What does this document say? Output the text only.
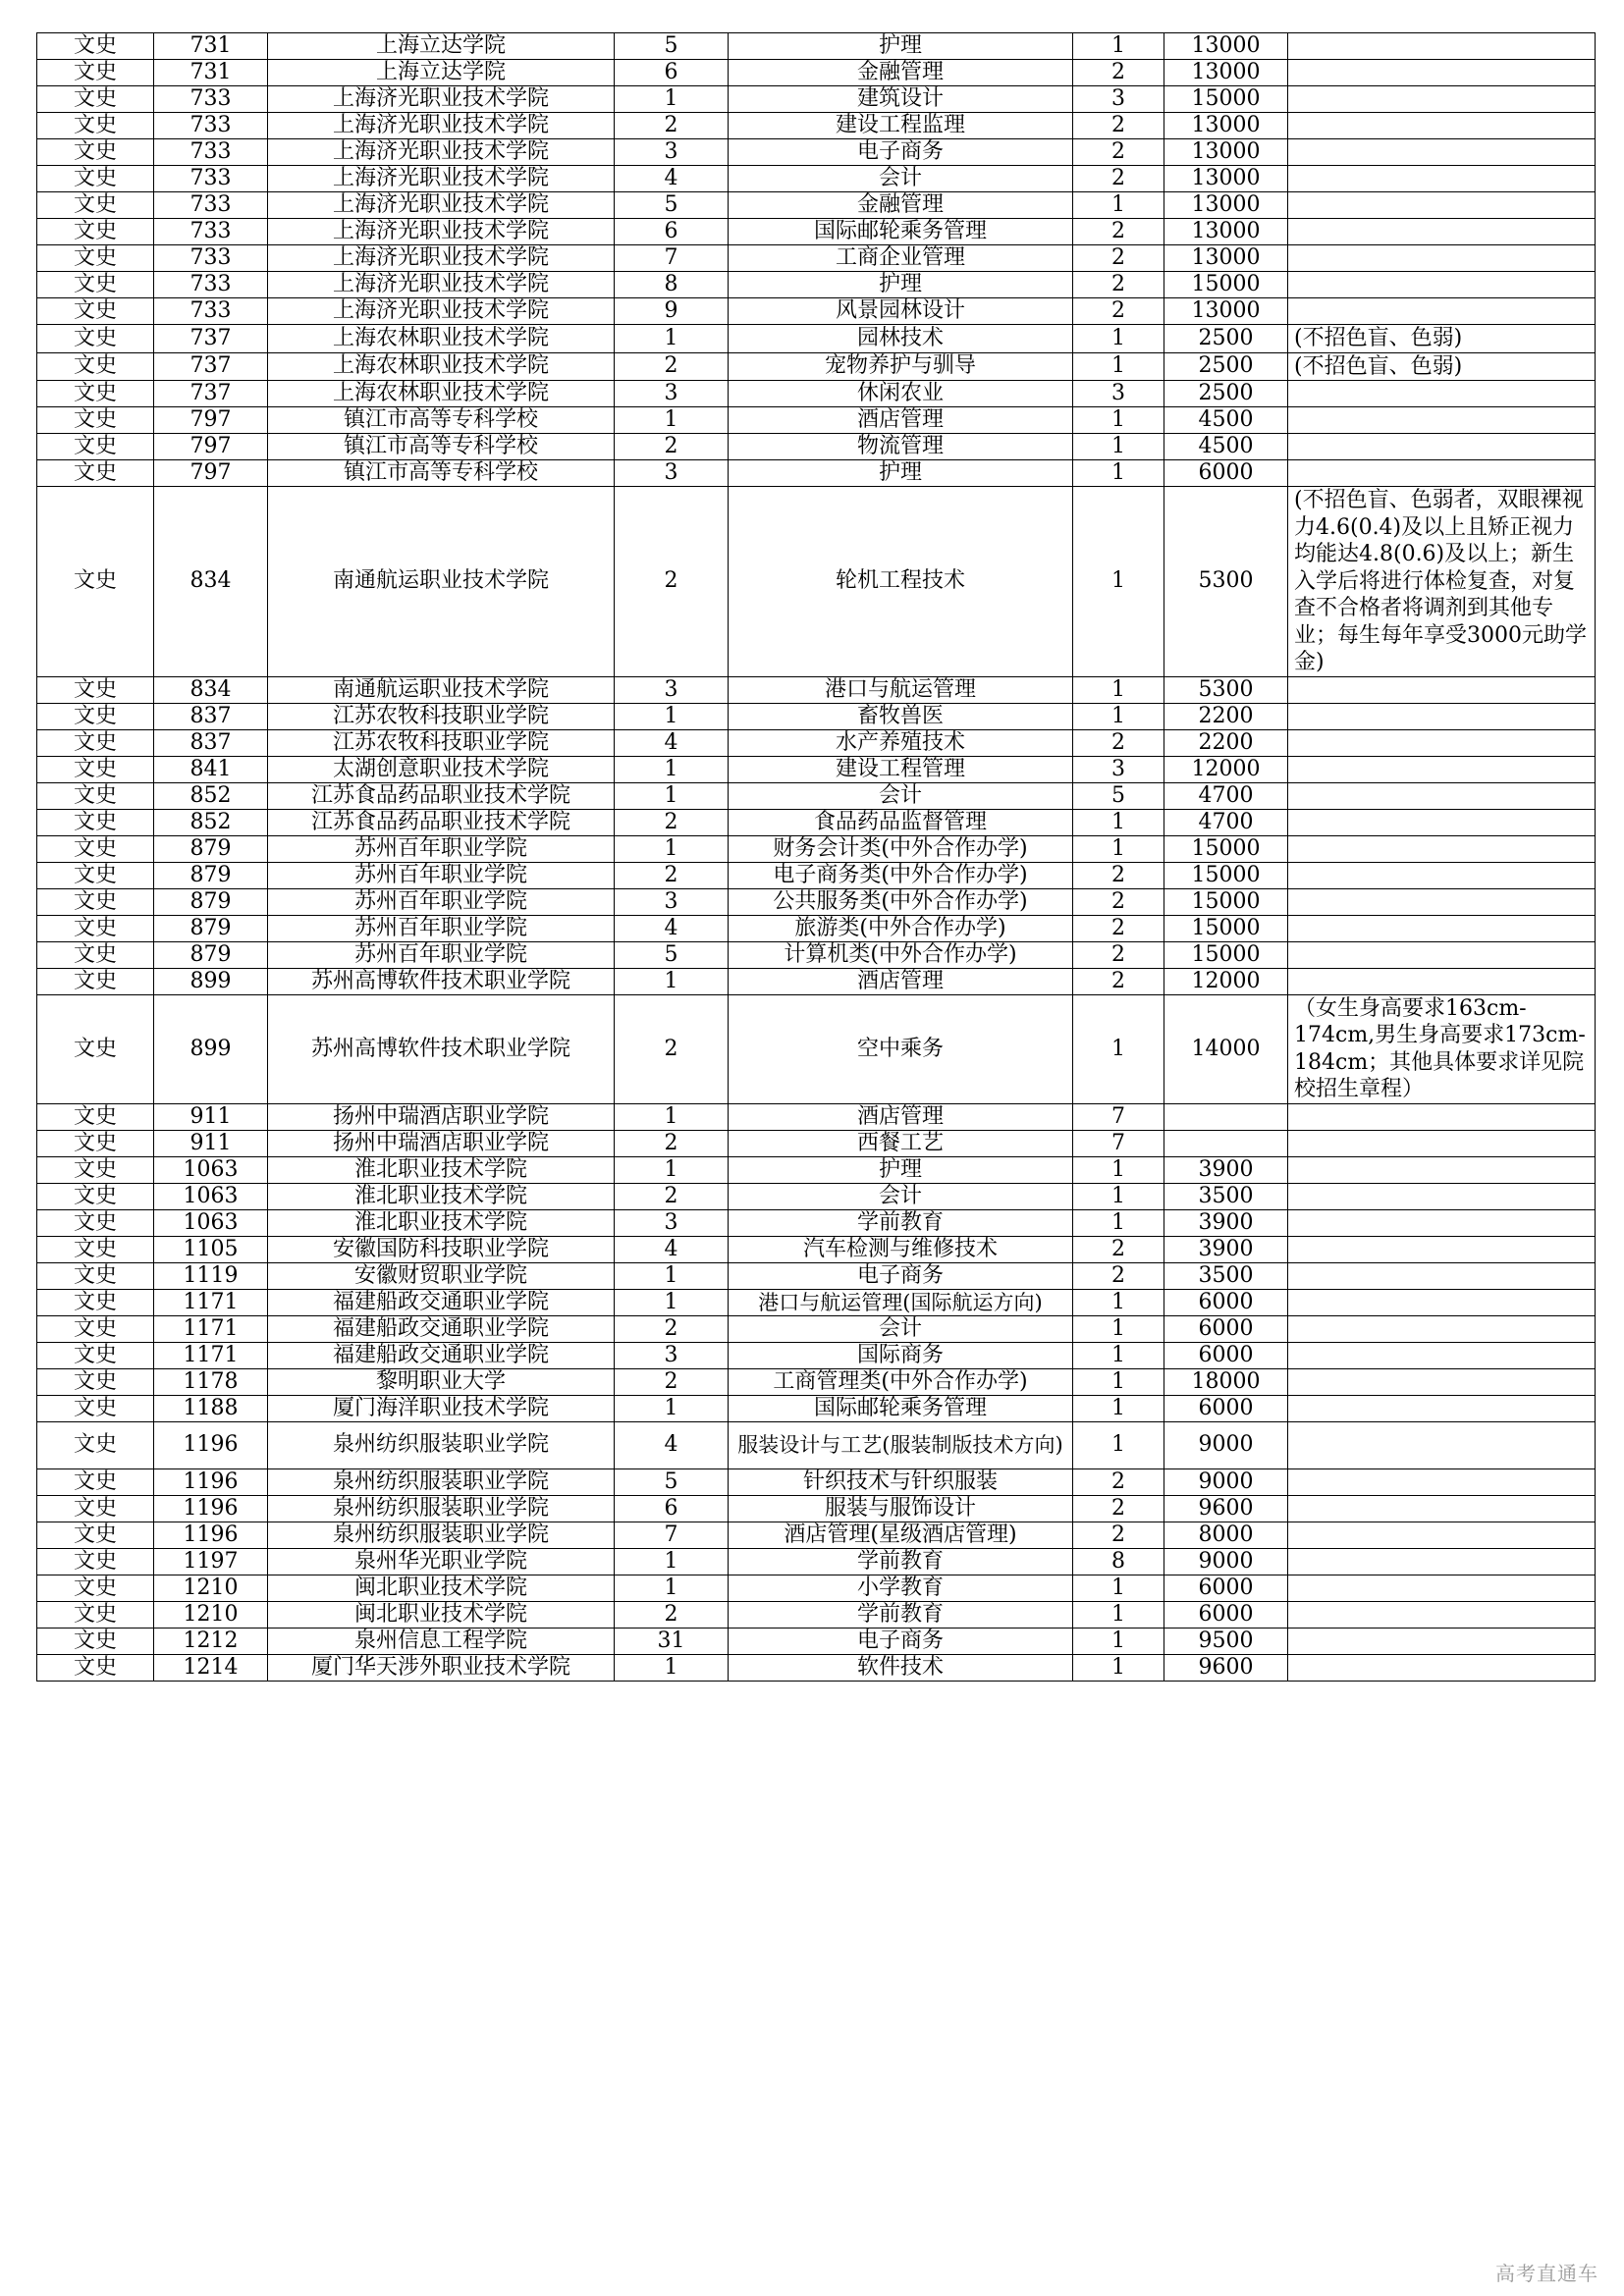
文史	731	上海立达学院	5	护理	1	13000	
文史	731	上海立达学院	6	金融管理	2	13000	
文史	733	上海济光职业技术学院	1	建筑设计	3	15000	
文史	733	上海济光职业技术学院	2	建设工程监理	2	13000	
文史	733	上海济光职业技术学院	3	电子商务	2	13000	
文史	733	上海济光职业技术学院	4	会计	2	13000	
文史	733	上海济光职业技术学院	5	金融管理	1	13000	
文史	733	上海济光职业技术学院	6	国际邮轮乘务管理	2	13000	
文史	733	上海济光职业技术学院	7	工商企业管理	2	13000	
文史	733	上海济光职业技术学院	8	护理	2	15000	
文史	733	上海济光职业技术学院	9	风景园林设计	2	13000	
文史	737	上海农林职业技术学院	1	园林技术	1	2500	(不招色盲、色弱)
文史	737	上海农林职业技术学院	2	宠物养护与驯导	1	2500	(不招色盲、色弱)
文史	737	上海农林职业技术学院	3	休闲农业	3	2500	
文史	797	镇江市高等专科学校	1	酒店管理	1	4500	
文史	797	镇江市高等专科学校	2	物流管理	1	4500	
文史	797	镇江市高等专科学校	3	护理	1	6000	
文史	834	南通航运职业技术学院	2	轮机工程技术	1	5300	(不招色盲、色弱者，双眼裸视力4.6(0.4)及以上且矫正视力均能达4.8(0.6)及以上；新生入学后将进行体检复查，对复查不合格者将调剂到其他专业；每生每年享受3000元助学金)
文史	834	南通航运职业技术学院	3	港口与航运管理	1	5300	
文史	837	江苏农牧科技职业学院	1	畜牧兽医	1	2200	
文史	837	江苏农牧科技职业学院	4	水产养殖技术	2	2200	
文史	841	太湖创意职业技术学院	1	建设工程管理	3	12000	
文史	852	江苏食品药品职业技术学院	1	会计	5	4700	
文史	852	江苏食品药品职业技术学院	2	食品药品监督管理	1	4700	
文史	879	苏州百年职业学院	1	财务会计类(中外合作办学)	1	15000	
文史	879	苏州百年职业学院	2	电子商务类(中外合作办学)	2	15000	
文史	879	苏州百年职业学院	3	公共服务类(中外合作办学)	2	15000	
文史	879	苏州百年职业学院	4	旅游类(中外合作办学)	2	15000	
文史	879	苏州百年职业学院	5	计算机类(中外合作办学)	2	15000	
文史	899	苏州高博软件技术职业学院	1	酒店管理	2	12000	
文史	899	苏州高博软件技术职业学院	2	空中乘务	1	14000	（女生身高要求163cm-174cm,男生身高要求173cm-184cm；其他具体要求详见院校招生章程）
文史	911	扬州中瑞酒店职业学院	1	酒店管理	7		
文史	911	扬州中瑞酒店职业学院	2	西餐工艺	7		
文史	1063	淮北职业技术学院	1	护理	1	3900	
文史	1063	淮北职业技术学院	2	会计	1	3500	
文史	1063	淮北职业技术学院	3	学前教育	1	3900	
文史	1105	安徽国防科技职业学院	4	汽车检测与维修技术	2	3900	
文史	1119	安徽财贸职业学院	1	电子商务	2	3500	
文史	1171	福建船政交通职业学院	1	港口与航运管理(国际航运方向)	1	6000	
文史	1171	福建船政交通职业学院	2	会计	1	6000	
文史	1171	福建船政交通职业学院	3	国际商务	1	6000	
文史	1178	黎明职业大学	2	工商管理类(中外合作办学)	1	18000	
文史	1188	厦门海洋职业技术学院	1	国际邮轮乘务管理	1	6000	
文史	1196	泉州纺织服装职业学院	4	服装设计与工艺(服装制版技术方向)	1	9000	
文史	1196	泉州纺织服装职业学院	5	针织技术与针织服装	2	9000	
文史	1196	泉州纺织服装职业学院	6	服装与服饰设计	2	9600	
文史	1196	泉州纺织服装职业学院	7	酒店管理(星级酒店管理)	2	8000	
文史	1197	泉州华光职业学院	1	学前教育	8	9000	
文史	1210	闽北职业技术学院	1	小学教育	1	6000	
文史	1210	闽北职业技术学院	2	学前教育	1	6000	
文史	1212	泉州信息工程学院	31	电子商务	1	9500	
文史	1214	厦门华天涉外职业技术学院	1	软件技术	1	9600	
高考直通车
